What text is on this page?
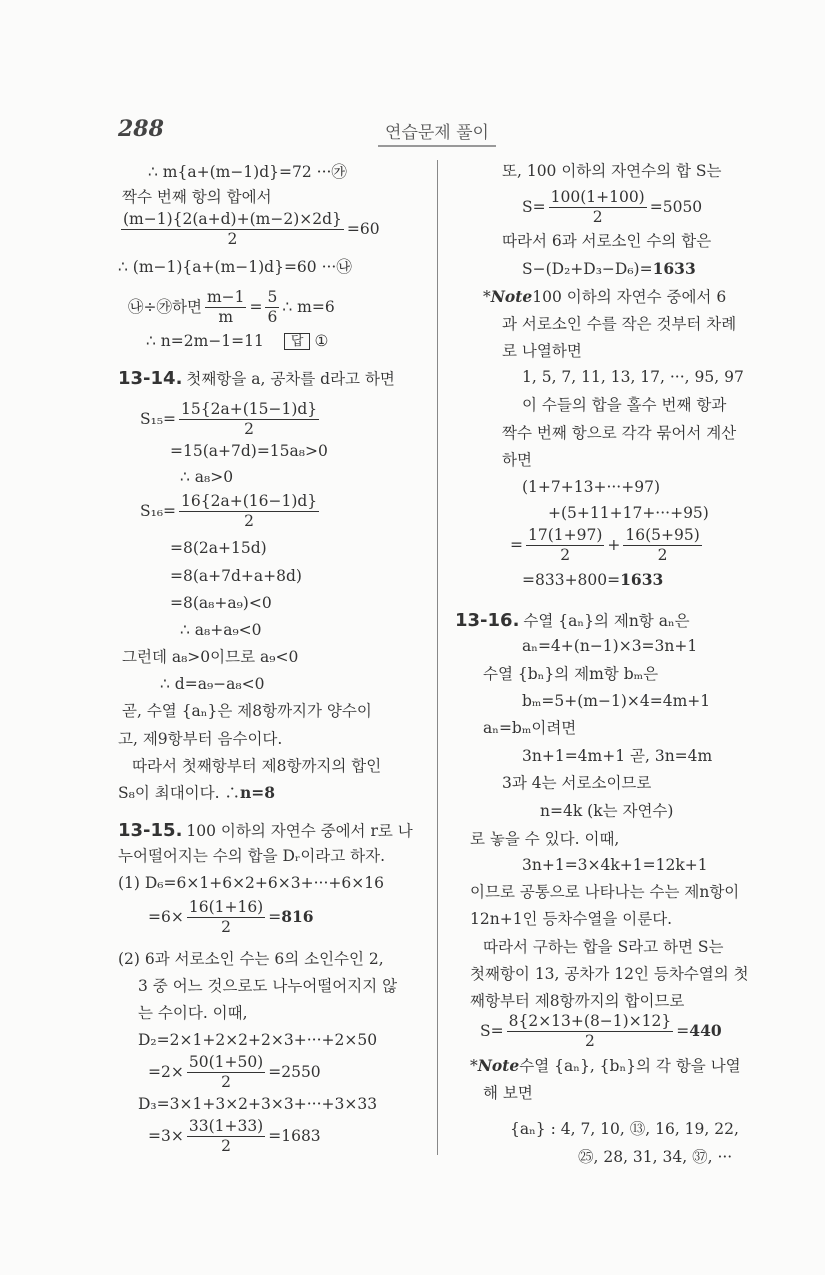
288	연습문제 풀이
∴ m{a+(m−1)d}=72 ···㉮
짝수 번째 항의 합에서
$\frac{(m-1)\{2(a+d)+(m-2)\times 2d\}}{2} =60$
∴ (m−1){a+(m−1)d}=60 ···㉯
㉯÷㉮하면 $\frac{m-1}{m} = \frac{5}{6}$ ∴ m=6
∴ n=2m−1=11	답 ①
13-14. 첫째항을 a, 공차를 d라고 하면
$S_{15}= \frac{15\{2a+(15-1)d\}}{2}$
=15(a+7d)=15a₈>0
∴ a₈>0
$S_{16}= \frac{16\{2a+(16-1)d\}}{2}$
=8(2a+15d)
=8(a+7d+a+8d)
=8(a₈+a₉)<0
∴ a₈+a₉<0
그런데 a₈>0이므로 a₉<0
∴ d=a₉−a₈<0
곧, 수열 {aₙ}은 제8항까지가 양수이
고, 제9항부터 음수이다.
따라서 첫째항부터 제8항까지의 합인
S₈이 최대이다. ∴ n=8
13-15. 100 이하의 자연수 중에서 r로 나
누어떨어지는 수의 합을 Dᵣ이라고 하자.
(1) D₆=6×1+6×2+6×3+···+6×16
$=6\times \frac{16(1+16)}{2} = 816$
(2) 6과 서로소인 수는 6의 소인수인 2,
3 중 어느 것으로도 나누어떨어지지 않
는 수이다. 이때,
D₂=2×1+2×2+2×3+···+2×50
$=2\times \frac{50(1+50)}{2} =2550$
D₃=3×1+3×2+3×3+···+3×33
$=3\times \frac{33(1+33)}{2} =1683$
또, 100 이하의 자연수의 합 S는
$S= \frac{100(1+100)}{2} =5050$
따라서 6과 서로소인 수의 합은
S−(D₂+D₃−D₆)= 1633
* Note 100 이하의 자연수 중에서 6
과 서로소인 수를 작은 것부터 차례
로 나열하면
1, 5, 7, 11, 13, 17, ···, 95, 97
이 수들의 합을 홀수 번째 항과
짝수 번째 항으로 각각 묶어서 계산
하면
(1+7+13+···+97)
+(5+11+17+···+95)
= $\frac{17(1+97)}{2} + \frac{16(5+95)}{2}$
=833+800= 1633
13-16. 수열 {aₙ}의 제n항 aₙ은
aₙ=4+(n−1)×3=3n+1
수열 {bₙ}의 제m항 bₘ은
bₘ=5+(m−1)×4=4m+1
aₙ=bₘ이려면
3n+1=4m+1 곧, 3n=4m
3과 4는 서로소이므로
n=4k (k는 자연수)
로 놓을 수 있다. 이때,
3n+1=3×4k+1=12k+1
이므로 공통으로 나타나는 수는 제n항이
12n+1인 등차수열을 이룬다.
따라서 구하는 합을 S라고 하면 S는
첫째항이 13, 공차가 12인 등차수열의 첫
째항부터 제8항까지의 합이므로
$S= \frac{8\{2\times 13+(8-1)\times 12\}}{2} = 440$
* Note 수열 {aₙ}, {bₙ}의 각 항을 나열
해 보면
{aₙ} : 4, 7, 10, ⑬, 16, 19, 22,
㉕, 28, 31, 34, ㊲, ···
